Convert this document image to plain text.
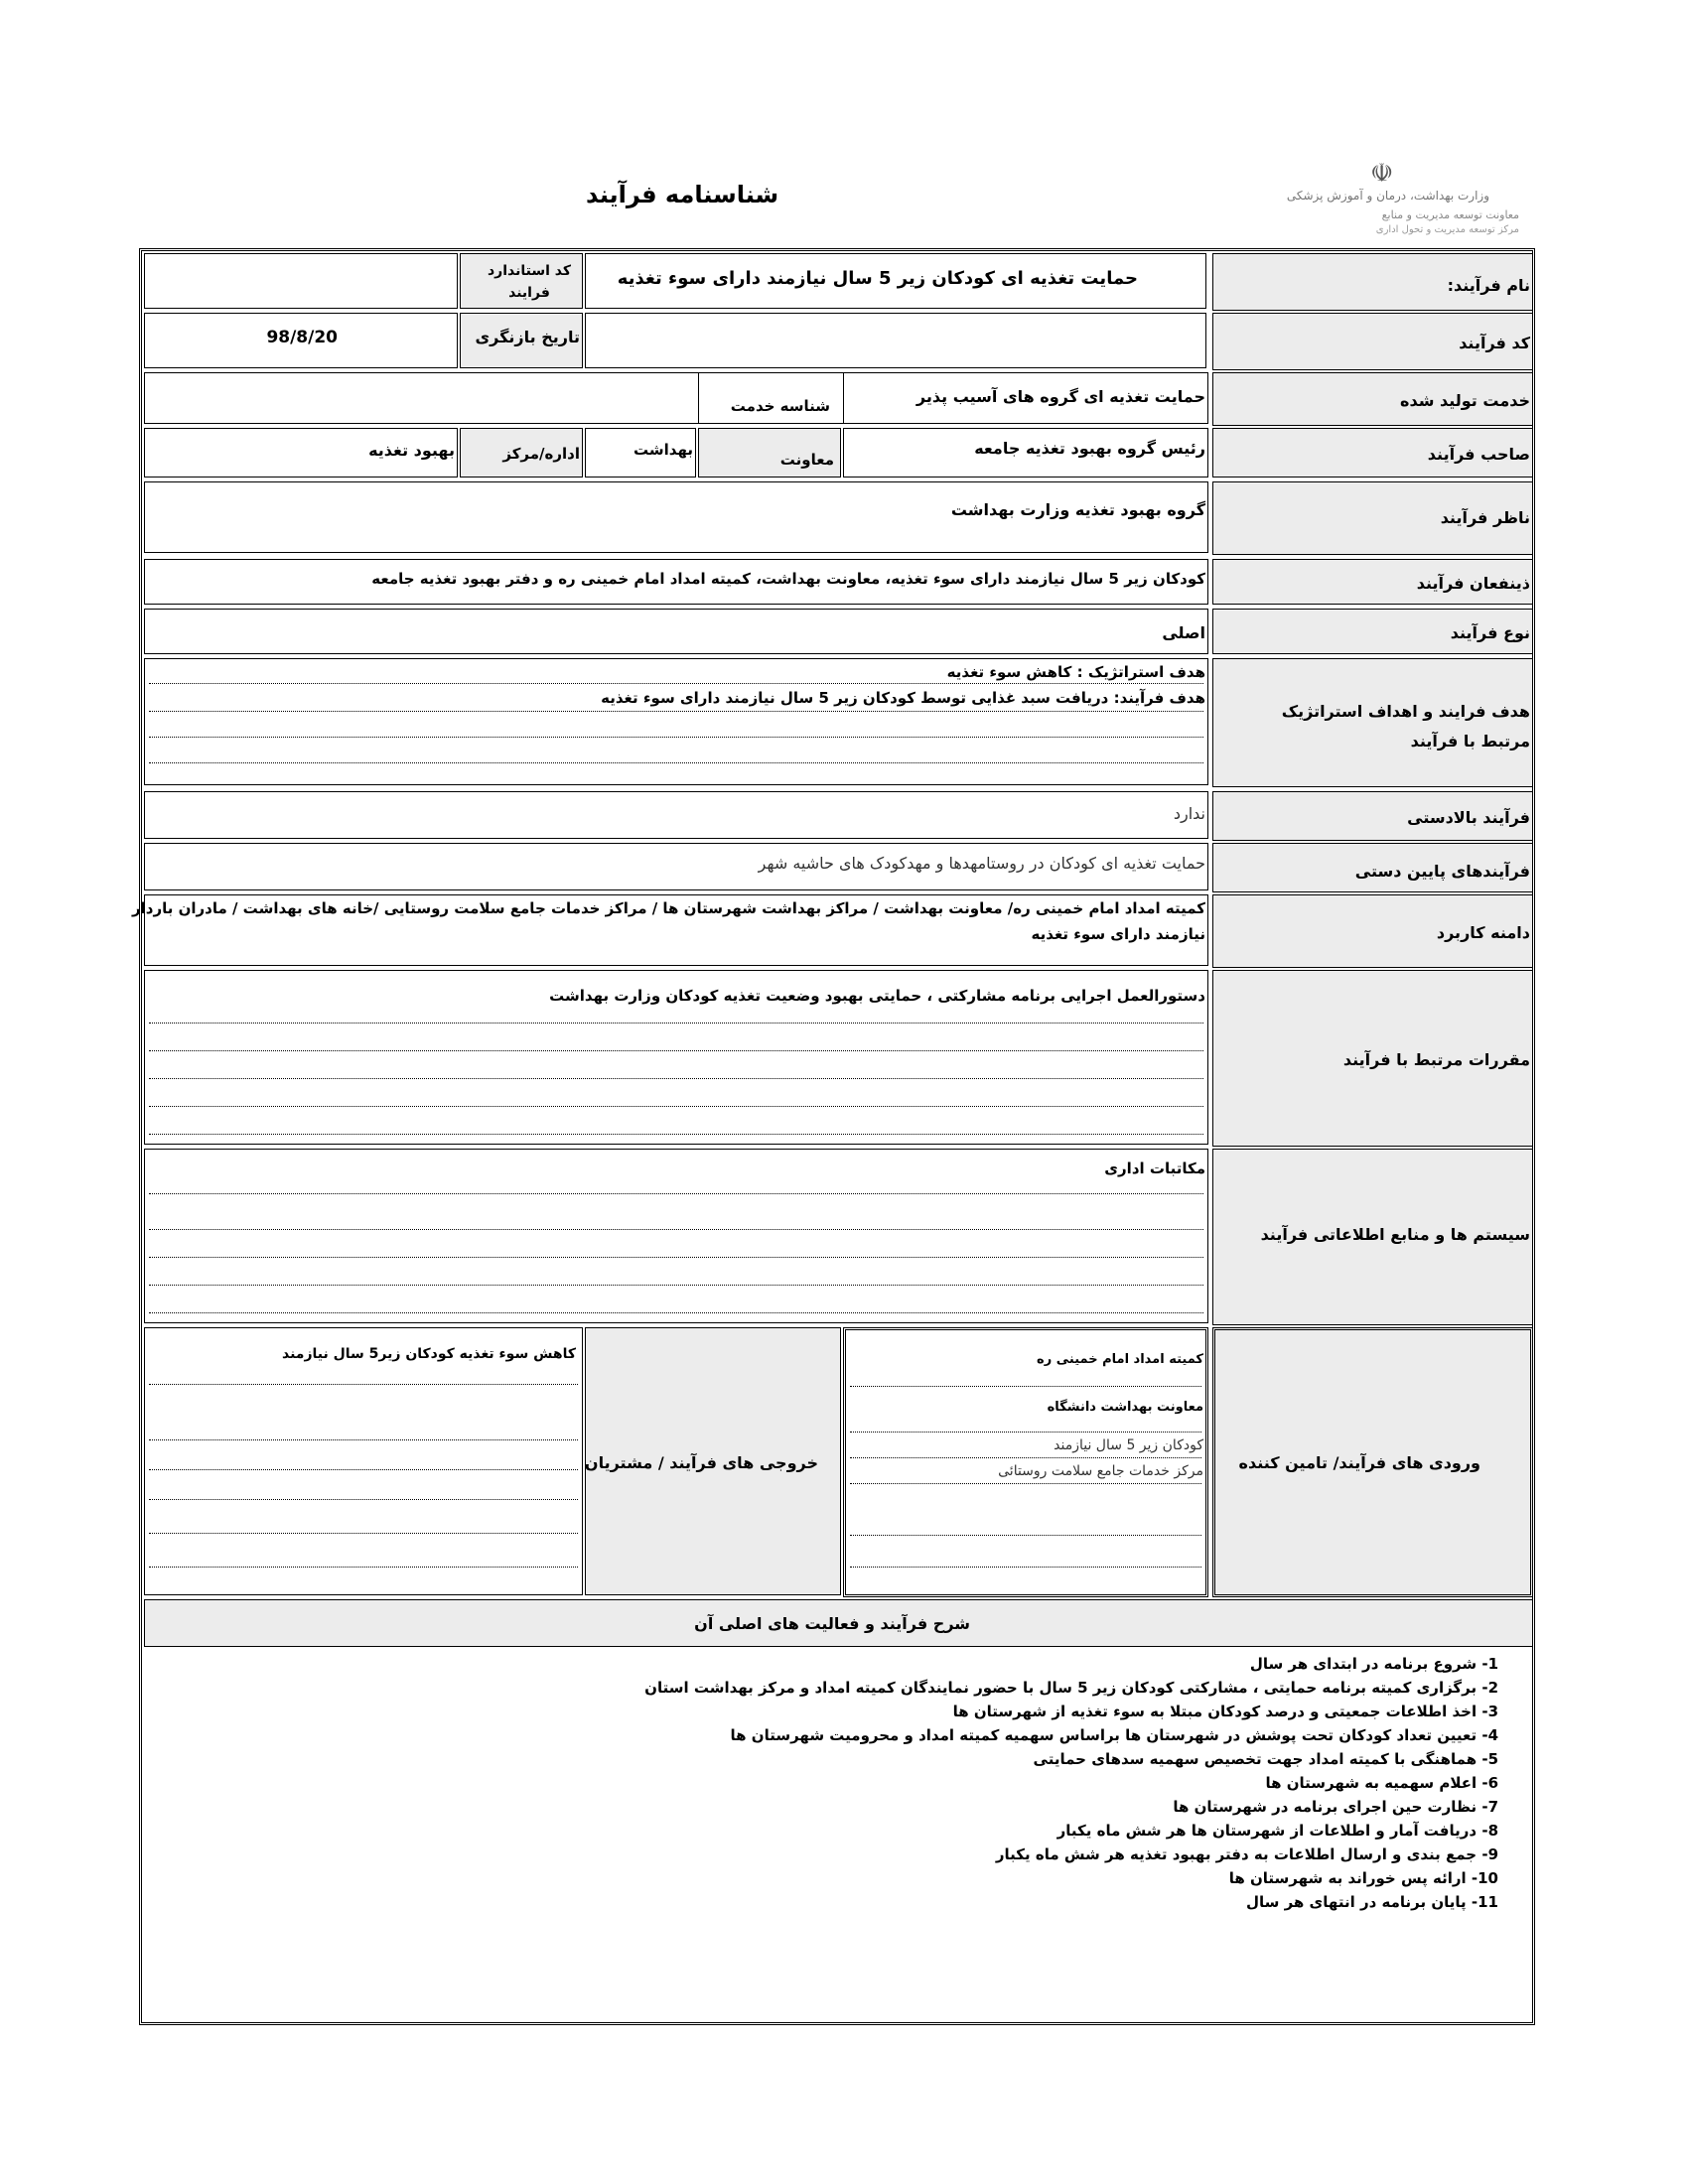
شناسنامه فرآیند
☫
وزارت بهداشت، درمان و آموزش پزشکی
معاونت توسعه مدیریت و منابع
مرکز توسعه مدیریت و تحول اداری
نام فرآیند:
حمایت تغذیه ای کودکان زیر 5 سال نیازمند دارای سوء تغذیه
کد استاندارد فرایند
کد فرآیند
تاریخ بازنگری
98/8/20
خدمت تولید شده
حمایت تغذیه ای گروه های آسیب پذیر
شناسه خدمت
صاحب فرآیند
رئیس گروه بهبود تغذیه جامعه
معاونت
بهداشت
اداره/مرکز
بهبود تغذیه
ناظر فرآیند
گروه بهبود تغذیه وزارت بهداشت
ذینفعان فرآیند
کودکان زیر 5 سال نیازمند دارای سوء تغذیه، معاونت بهداشت، کمیته امداد امام خمینی ره و دفتر بهبود تغذیه جامعه
نوع فرآیند
اصلی
هدف فرایند و اهداف استراتژیک مرتبط با فرآیند
هدف استراتژیک : کاهش سوء تغذیه
هدف فرآیند: دریافت سبد غذایی توسط کودکان زیر 5 سال نیازمند دارای سوء تغذیه
فرآیند بالادستی
ندارد
فرآیندهای پایین دستی
حمایت تغذیه ای کودکان در روستامهدها و مهدکودک های حاشیه شهر
دامنه کاربرد
کمیته امداد امام خمینی ره/ معاونت بهداشت / مراکز بهداشت شهرستان ها / مراکز خدمات جامع سلامت روستایی /خانه های بهداشت / مادران باردار
نیازمند دارای سوء تغذیه
مقررات مرتبط با فرآیند
دستورالعمل اجرایی برنامه مشارکتی ، حمایتی بهبود وضعیت تغذیه کودکان وزارت بهداشت
سیستم ها و منابع اطلاعاتی فرآیند
مکاتبات اداری
ورودی های فرآیند/ تامین کننده
کمیته امداد امام خمینی ره
معاونت بهداشت دانشگاه
کودکان زیر 5 سال نیازمند
مرکز خدمات جامع سلامت روستائی
خروجی های فرآیند / مشتریان
کاهش سوء تغذیه کودکان زیر5 سال نیازمند
شرح فرآیند و فعالیت های اصلی آن
1- شروع برنامه در ابتدای هر سال
2- برگزاری کمیته برنامه حمایتی ، مشارکتی کودکان زیر 5 سال با حضور نمایندگان کمیته امداد و مرکز بهداشت استان
3- اخذ اطلاعات جمعیتی و درصد کودکان مبتلا به سوء تغذیه از شهرستان ها
4- تعیین تعداد کودکان تحت پوشش در شهرستان ها براساس سهمیه کمیته امداد و محرومیت شهرستان ها
5- هماهنگی با کمیته امداد جهت تخصیص سهمیه سدهای حمایتی
6- اعلام سهمیه به شهرستان ها
7- نظارت حین اجرای برنامه در شهرستان ها
8- دریافت آمار و اطلاعات از شهرستان ها هر شش ماه یکبار
9- جمع بندی و ارسال اطلاعات به دفتر بهبود تغذیه هر شش ماه یکبار
10- ارائه پس خوراند به شهرستان ها
11- پایان برنامه در انتهای هر سال
